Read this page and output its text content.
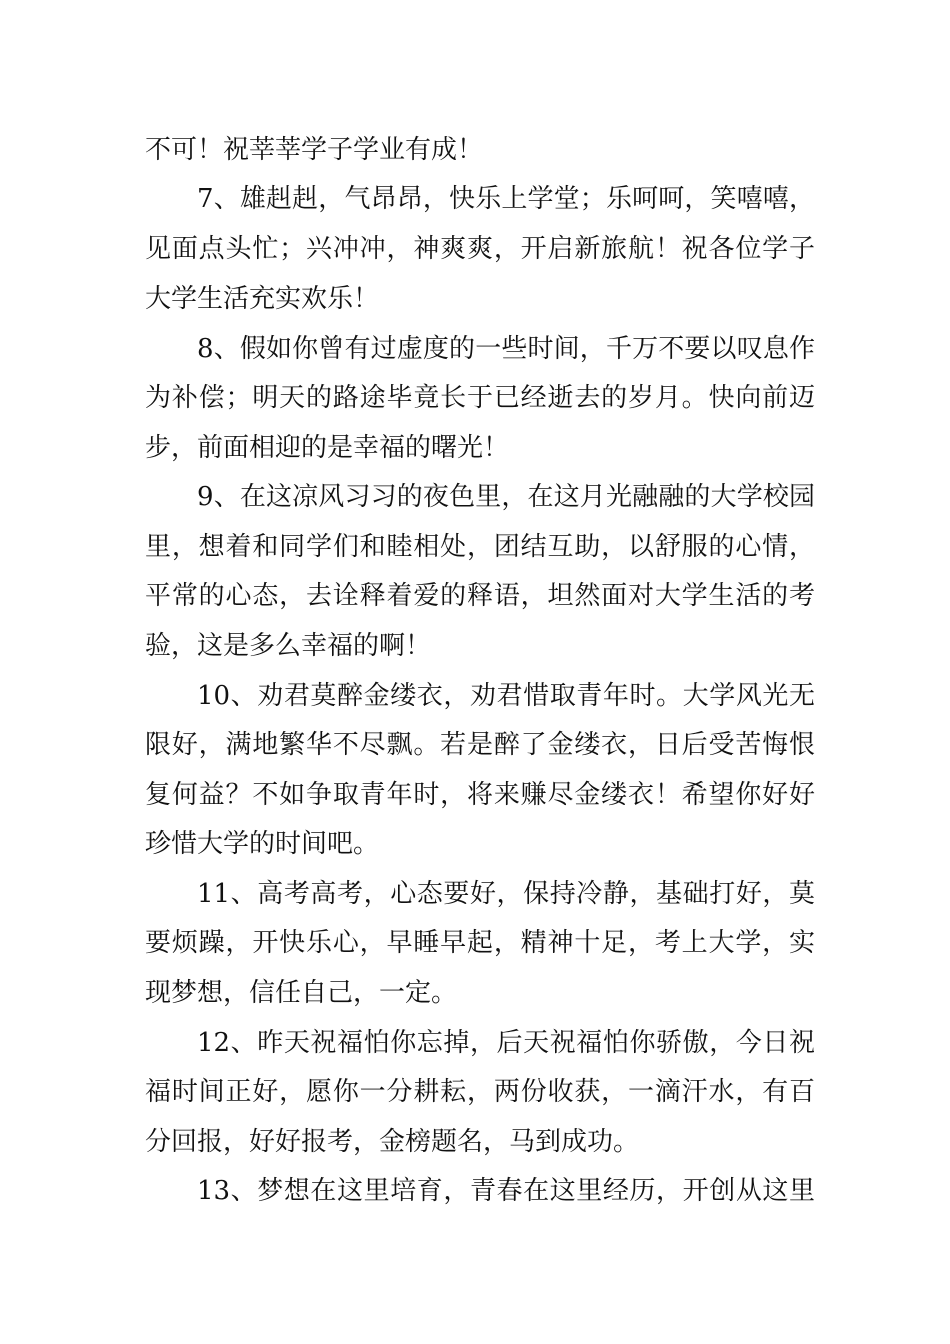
不可！祝莘莘学子学业有成！
7、雄赳赳，气昂昂，快乐上学堂；乐呵呵，笑嘻嘻，
见面点头忙；兴冲冲，神爽爽，开启新旅航！祝各位学子
大学生活充实欢乐！
8、假如你曾有过虚度的一些时间，千万不要以叹息作
为补偿；明天的路途毕竟长于已经逝去的岁月。快向前迈
步，前面相迎的是幸福的曙光！
9、在这凉风习习的夜色里，在这月光融融的大学校园
里，想着和同学们和睦相处，团结互助，以舒服的心情，
平常的心态，去诠释着爱的释语，坦然面对大学生活的考
验，这是多么幸福的啊！
10、劝君莫醉金缕衣，劝君惜取青年时。大学风光无
限好，满地繁华不尽飘。若是醉了金缕衣，日后受苦悔恨
复何益？不如争取青年时，将来赚尽金缕衣！希望你好好
珍惜大学的时间吧。
11、高考高考，心态要好，保持冷静，基础打好，莫
要烦躁，开快乐心，早睡早起，精神十足，考上大学，实
现梦想，信任自己，一定。
12、昨天祝福怕你忘掉，后天祝福怕你骄傲，今日祝
福时间正好，愿你一分耕耘，两份收获，一滴汗水，有百
分回报，好好报考，金榜题名，马到成功。
13、梦想在这里培育，青春在这里经历，开创从这里
